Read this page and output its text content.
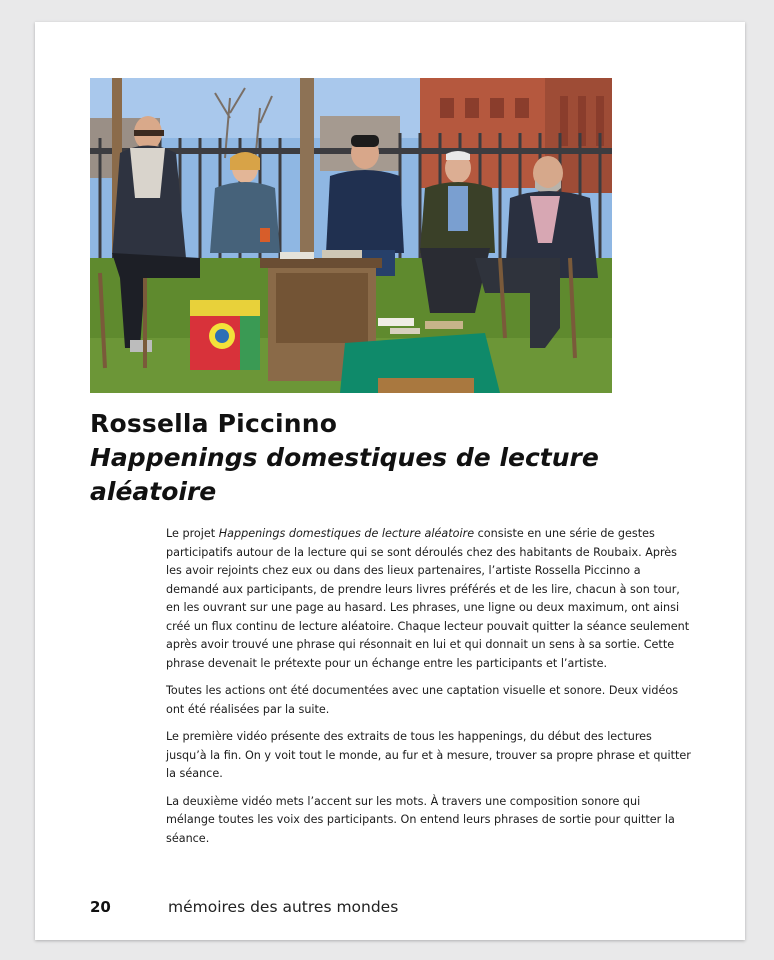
Rossella Piccinno
Happenings domestiques de lecture aléatoire

Le projet Happenings domestiques de lecture aléatoire consiste en une série de gestes participatifs autour de la lecture qui se sont déroulés chez des habitants de Roubaix. Après les avoir rejoints chez eux ou dans des lieux partenaires, l’artiste Rossella Piccinno a demandé aux participants, de prendre leurs livres préférés et de les lire, chacun à son tour, en les ouvrant sur une page au hasard. Les phrases, une ligne ou deux maximum, ont ainsi créé un flux continu de lecture aléatoire. Chaque lecteur pouvait quitter la séance seulement après avoir trouvé une phrase qui résonnait en lui et qui donnait un sens à sa sortie. Cette phrase devenait le prétexte pour un échange entre les participants et l’artiste.

Toutes les actions ont été documentées avec une captation visuelle et sonore. Deux vidéos ont été réalisées par la suite.

Le première vidéo présente des extraits de tous les happenings, du début des lectures jusqu’à la fin. On y voit tout le monde, au fur et à mesure, trouver sa propre phrase et quitter la séance.

La deuxième vidéo mets l’accent sur les mots. À travers une composition sonore qui mélange toutes les voix des participants. On entend leurs phrases de sortie pour quitter la séance.

20	mémoires des autres mondes
